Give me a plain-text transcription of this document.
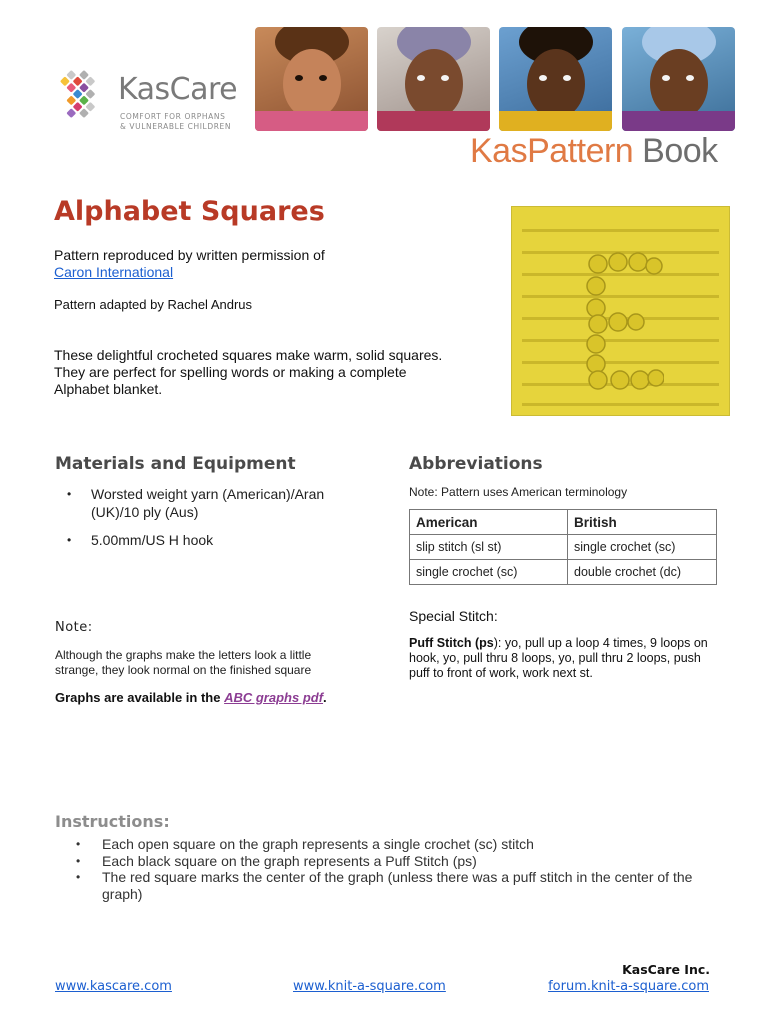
KasCare
COMFORT FOR ORPHANS
& VULNERABLE CHILDREN
KasPattern Book
Alphabet Squares
Pattern reproduced by written permission of
Caron International
Pattern adapted by Rachel Andrus
These delightful crocheted squares make warm, solid squares. They are perfect for spelling words or making a complete Alphabet blanket.
Materials and Equipment
• Worsted weight yarn (American)/Aran (UK)/10 ply (Aus)
• 5.00mm/US H hook
Abbreviations
Note: Pattern uses American terminology
American	British
slip stitch (sl st)	single crochet (sc)
single crochet (sc)	double crochet (dc)
Note:
Although the graphs make the letters look a little strange, they look normal on the finished square
Graphs are available in the ABC graphs pdf.
Special Stitch:
Puff Stitch (ps): yo, pull up a loop 4 times, 9 loops on hook, yo, pull thru 8 loops, yo, pull thru 2 loops, push puff to front of work, work next st.
Instructions:
• Each open square on the graph represents a single crochet (sc) stitch
• Each black square on the graph represents a Puff Stitch (ps)
• The red square marks the center of the graph (unless there was a puff stitch in the center of the graph)
KasCare Inc.
www.kascare.com	www.knit-a-square.com	forum.knit-a-square.com
